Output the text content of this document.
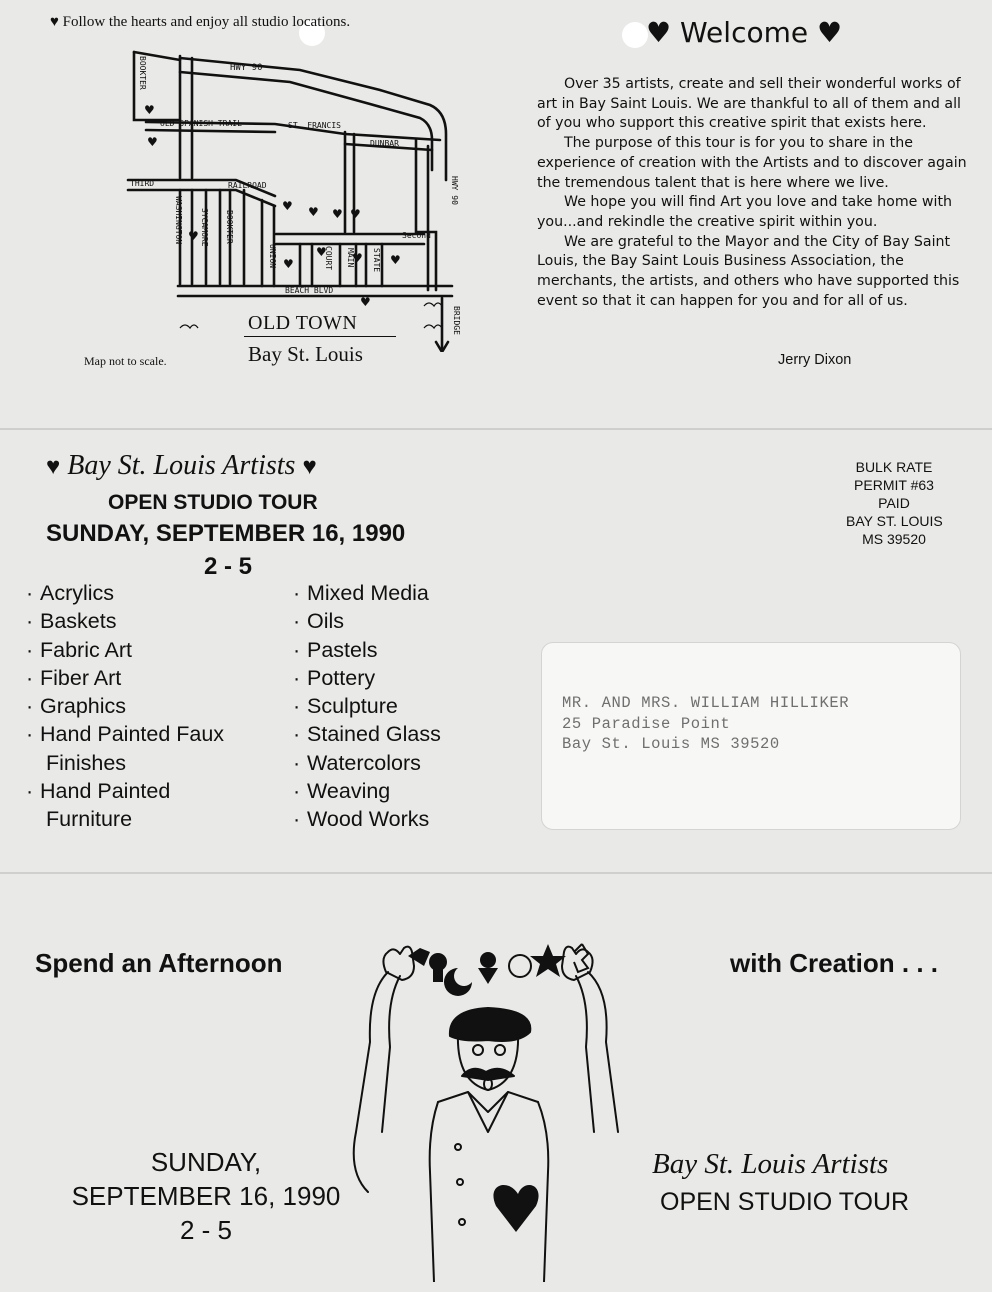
♥ Follow the hearts and enjoy all studio locations.
HWY 90
OLD SPANISH TRAIL	ST. FRANCIS
DUNBAR
THIRD	RAILROAD
Second
BEACH BLVD
HWY 90
BRIDGE
BOOKTER
WASHINGTON SYCAMORE BOOKTER
UNION	COURT MAIN STATE
♥
♥
♥
♥ ♥ ♥ ♥
♥
♥	♥ ♥
♥
OLD TOWN
Bay St. Louis
Map not to scale.
♥ Welcome ♥

Over 35 artists, create and sell their wonderful works of art in Bay Saint Louis. We are thankful to all of them and all of you who support this creative spirit that exists here.

The purpose of this tour is for you to share in the experience of creation with the Artists and to discover again the tremendous talent that is here where we live.

We hope you will find Art you love and take home with you...and rekindle the creative spirit within you.

We are grateful to the Mayor and the City of Bay Saint Louis, the Bay Saint Louis Business Association, the merchants, the artists, and others who have supported this event so that it can happen for you and for all of us.

Jerry Dixon
♥ Bay St. Louis Artists ♥
OPEN STUDIO TOUR
SUNDAY, SEPTEMBER 16, 1990
2 - 5
· Acrylics
· Baskets
· Fabric Art
· Fiber Art
· Graphics
· Hand Painted Faux Finishes
· Hand Painted Furniture
· Mixed Media
· Oils
· Pastels
· Pottery
· Sculpture
· Stained Glass
· Watercolors
· Weaving
· Wood Works
BULK RATE
PERMIT #63
PAID
BAY ST. LOUIS
MS 39520
MR. AND MRS. WILLIAM HILLIKER
25 Paradise Point
Bay St. Louis MS 39520
Spend an Afternoon	with Creation . . .
SUNDAY,
SEPTEMBER 16, 1990
2 - 5
Bay St. Louis Artists
OPEN STUDIO TOUR
